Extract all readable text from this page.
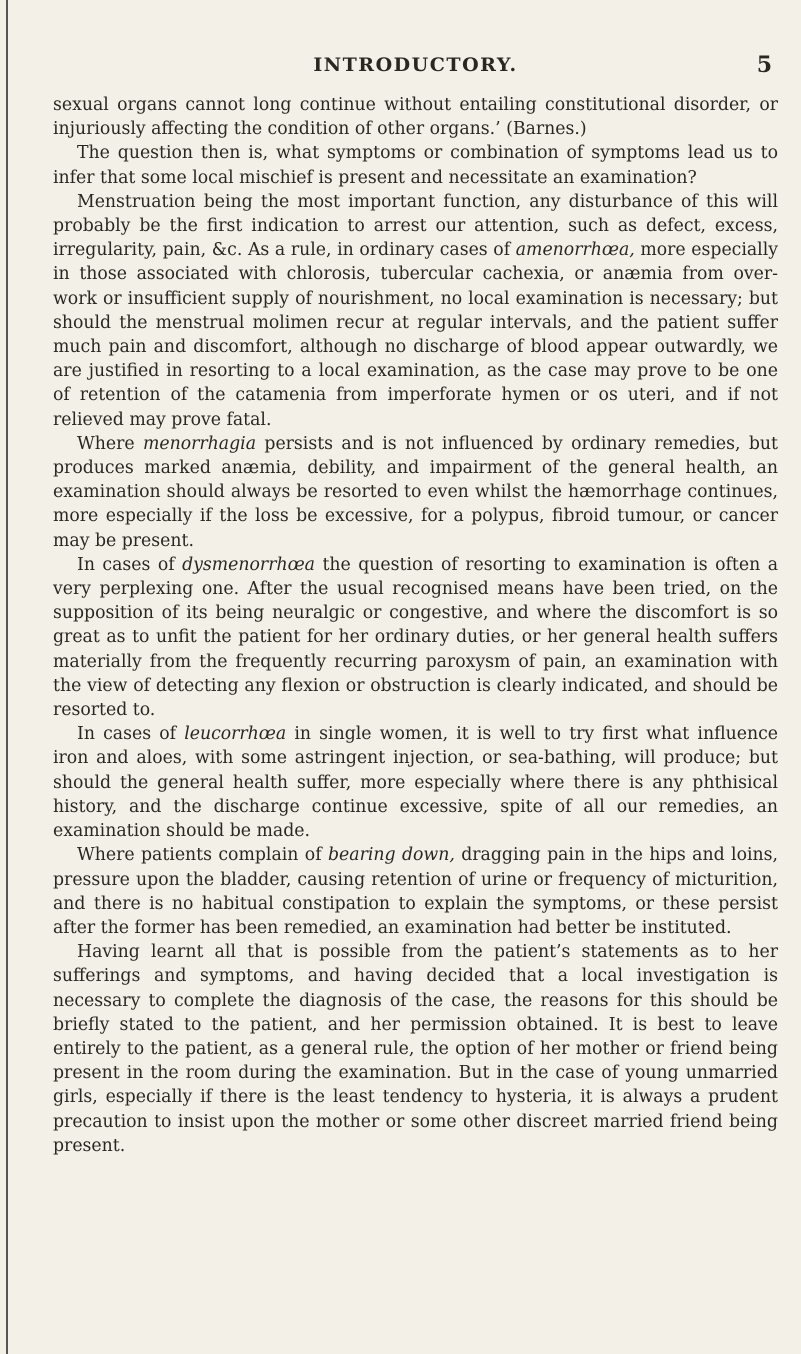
INTRODUCTORY.	5

sexual organs cannot long continue without entailing constitutional disorder, or injuriously affecting the condition of other organs.’ (Barnes.)

The question then is, what symptoms or combination of symptoms lead us to infer that some local mischief is present and necessitate an examination?

Menstruation being the most important function, any disturbance of this will probably be the first indication to arrest our attention, such as defect, excess, irregularity, pain, &c. As a rule, in ordinary cases of amenorrhœa, more especially in those associated with chlorosis, tubercular cachexia, or anæmia from over-work or insufficient supply of nourishment, no local examination is necessary; but should the menstrual molimen recur at regular intervals, and the patient suffer much pain and discomfort, although no discharge of blood appear outwardly, we are justified in resorting to a local examination, as the case may prove to be one of retention of the catamenia from imperforate hymen or os uteri, and if not relieved may prove fatal.

Where menorrhagia persists and is not influenced by ordinary remedies, but produces marked anæmia, debility, and impairment of the general health, an examination should always be resorted to even whilst the hæmorrhage continues, more especially if the loss be excessive, for a polypus, fibroid tumour, or cancer may be present.

In cases of dysmenorrhœa the question of resorting to examination is often a very perplexing one. After the usual recognised means have been tried, on the supposition of its being neuralgic or congestive, and where the discomfort is so great as to unfit the patient for her ordinary duties, or her general health suffers materially from the frequently recurring paroxysm of pain, an examination with the view of detecting any flexion or obstruction is clearly indicated, and should be resorted to.

In cases of leucorrhœa in single women, it is well to try first what influence iron and aloes, with some astringent injection, or sea-bathing, will produce; but should the general health suffer, more especially where there is any phthisical history, and the discharge continue excessive, spite of all our remedies, an examination should be made.

Where patients complain of bearing down, dragging pain in the hips and loins, pressure upon the bladder, causing retention of urine or frequency of micturition, and there is no habitual constipation to explain the symptoms, or these persist after the former has been remedied, an examination had better be instituted.

Having learnt all that is possible from the patient’s statements as to her sufferings and symptoms, and having decided that a local investigation is necessary to complete the diagnosis of the case, the reasons for this should be briefly stated to the patient, and her permission obtained. It is best to leave entirely to the patient, as a general rule, the option of her mother or friend being present in the room during the examination. But in the case of young unmarried girls, especially if there is the least tendency to hysteria, it is always a prudent precaution to insist upon the mother or some other discreet married friend being present.
